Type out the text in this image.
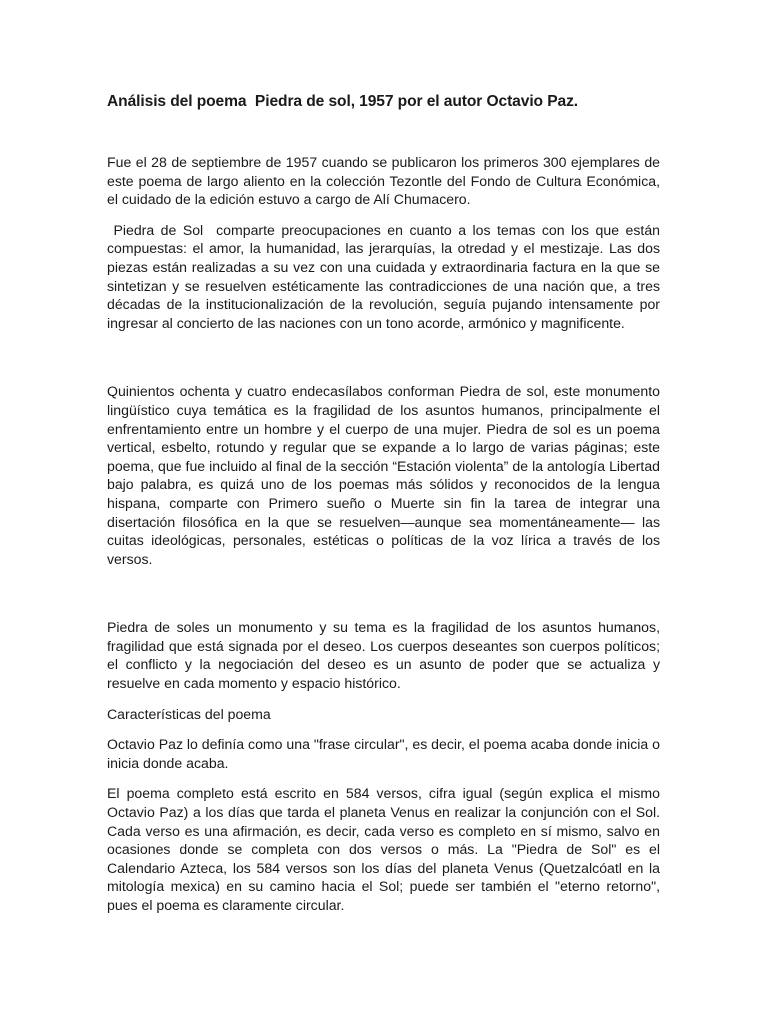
Análisis del poema  Piedra de sol, 1957 por el autor Octavio Paz.

Fue el 28 de septiembre de 1957 cuando se publicaron los primeros 300 ejemplares de este poema de largo aliento en la colección Tezontle del Fondo de Cultura Económica, el cuidado de la edición estuvo a cargo de Alí Chumacero.

Piedra de Sol  comparte preocupaciones en cuanto a los temas con los que están compuestas: el amor, la humanidad, las jerarquías, la otredad y el mestizaje. Las dos piezas están realizadas a su vez con una cuidada y extraordinaria factura en la que se sintetizan y se resuelven estéticamente las contradicciones de una nación que, a tres décadas de la institucionalización de la revolución, seguía pujando intensamente por ingresar al concierto de las naciones con un tono acorde, armónico y magnificente.

Quinientos ochenta y cuatro endecasílabos conforman Piedra de sol, este monumento lingüístico cuya temática es la fragilidad de los asuntos humanos, principalmente el enfrentamiento entre un hombre y el cuerpo de una mujer. Piedra de sol es un poema vertical, esbelto, rotundo y regular que se expande a lo largo de varias páginas; este poema, que fue incluido al final de la sección “Estación violenta” de la antología Libertad bajo palabra, es quizá uno de los poemas más sólidos y reconocidos de la lengua hispana, comparte con Primero sueño o Muerte sin fin la tarea de integrar una disertación filosófica en la que se resuelven—aunque sea momentáneamente— las cuitas ideológicas, personales, estéticas o políticas de la voz lírica a través de los versos.

Piedra de soles un monumento y su tema es la fragilidad de los asuntos humanos, fragilidad que está signada por el deseo. Los cuerpos deseantes son cuerpos políticos; el conflicto y la negociación del deseo es un asunto de poder que se actualiza y resuelve en cada momento y espacio histórico.

Características del poema

Octavio Paz lo definía como una "frase circular", es decir, el poema acaba donde inicia o inicia donde acaba.

El poema completo está escrito en 584 versos, cifra igual (según explica el mismo Octavio Paz) a los días que tarda el planeta Venus en realizar la conjunción con el Sol. Cada verso es una afirmación, es decir, cada verso es completo en sí mismo, salvo en ocasiones donde se completa con dos versos o más. La "Piedra de Sol" es el Calendario Azteca, los 584 versos son los días del planeta Venus (Quetzalcóatl en la mitología mexica) en su camino hacia el Sol; puede ser también el "eterno retorno", pues el poema es claramente circular.
